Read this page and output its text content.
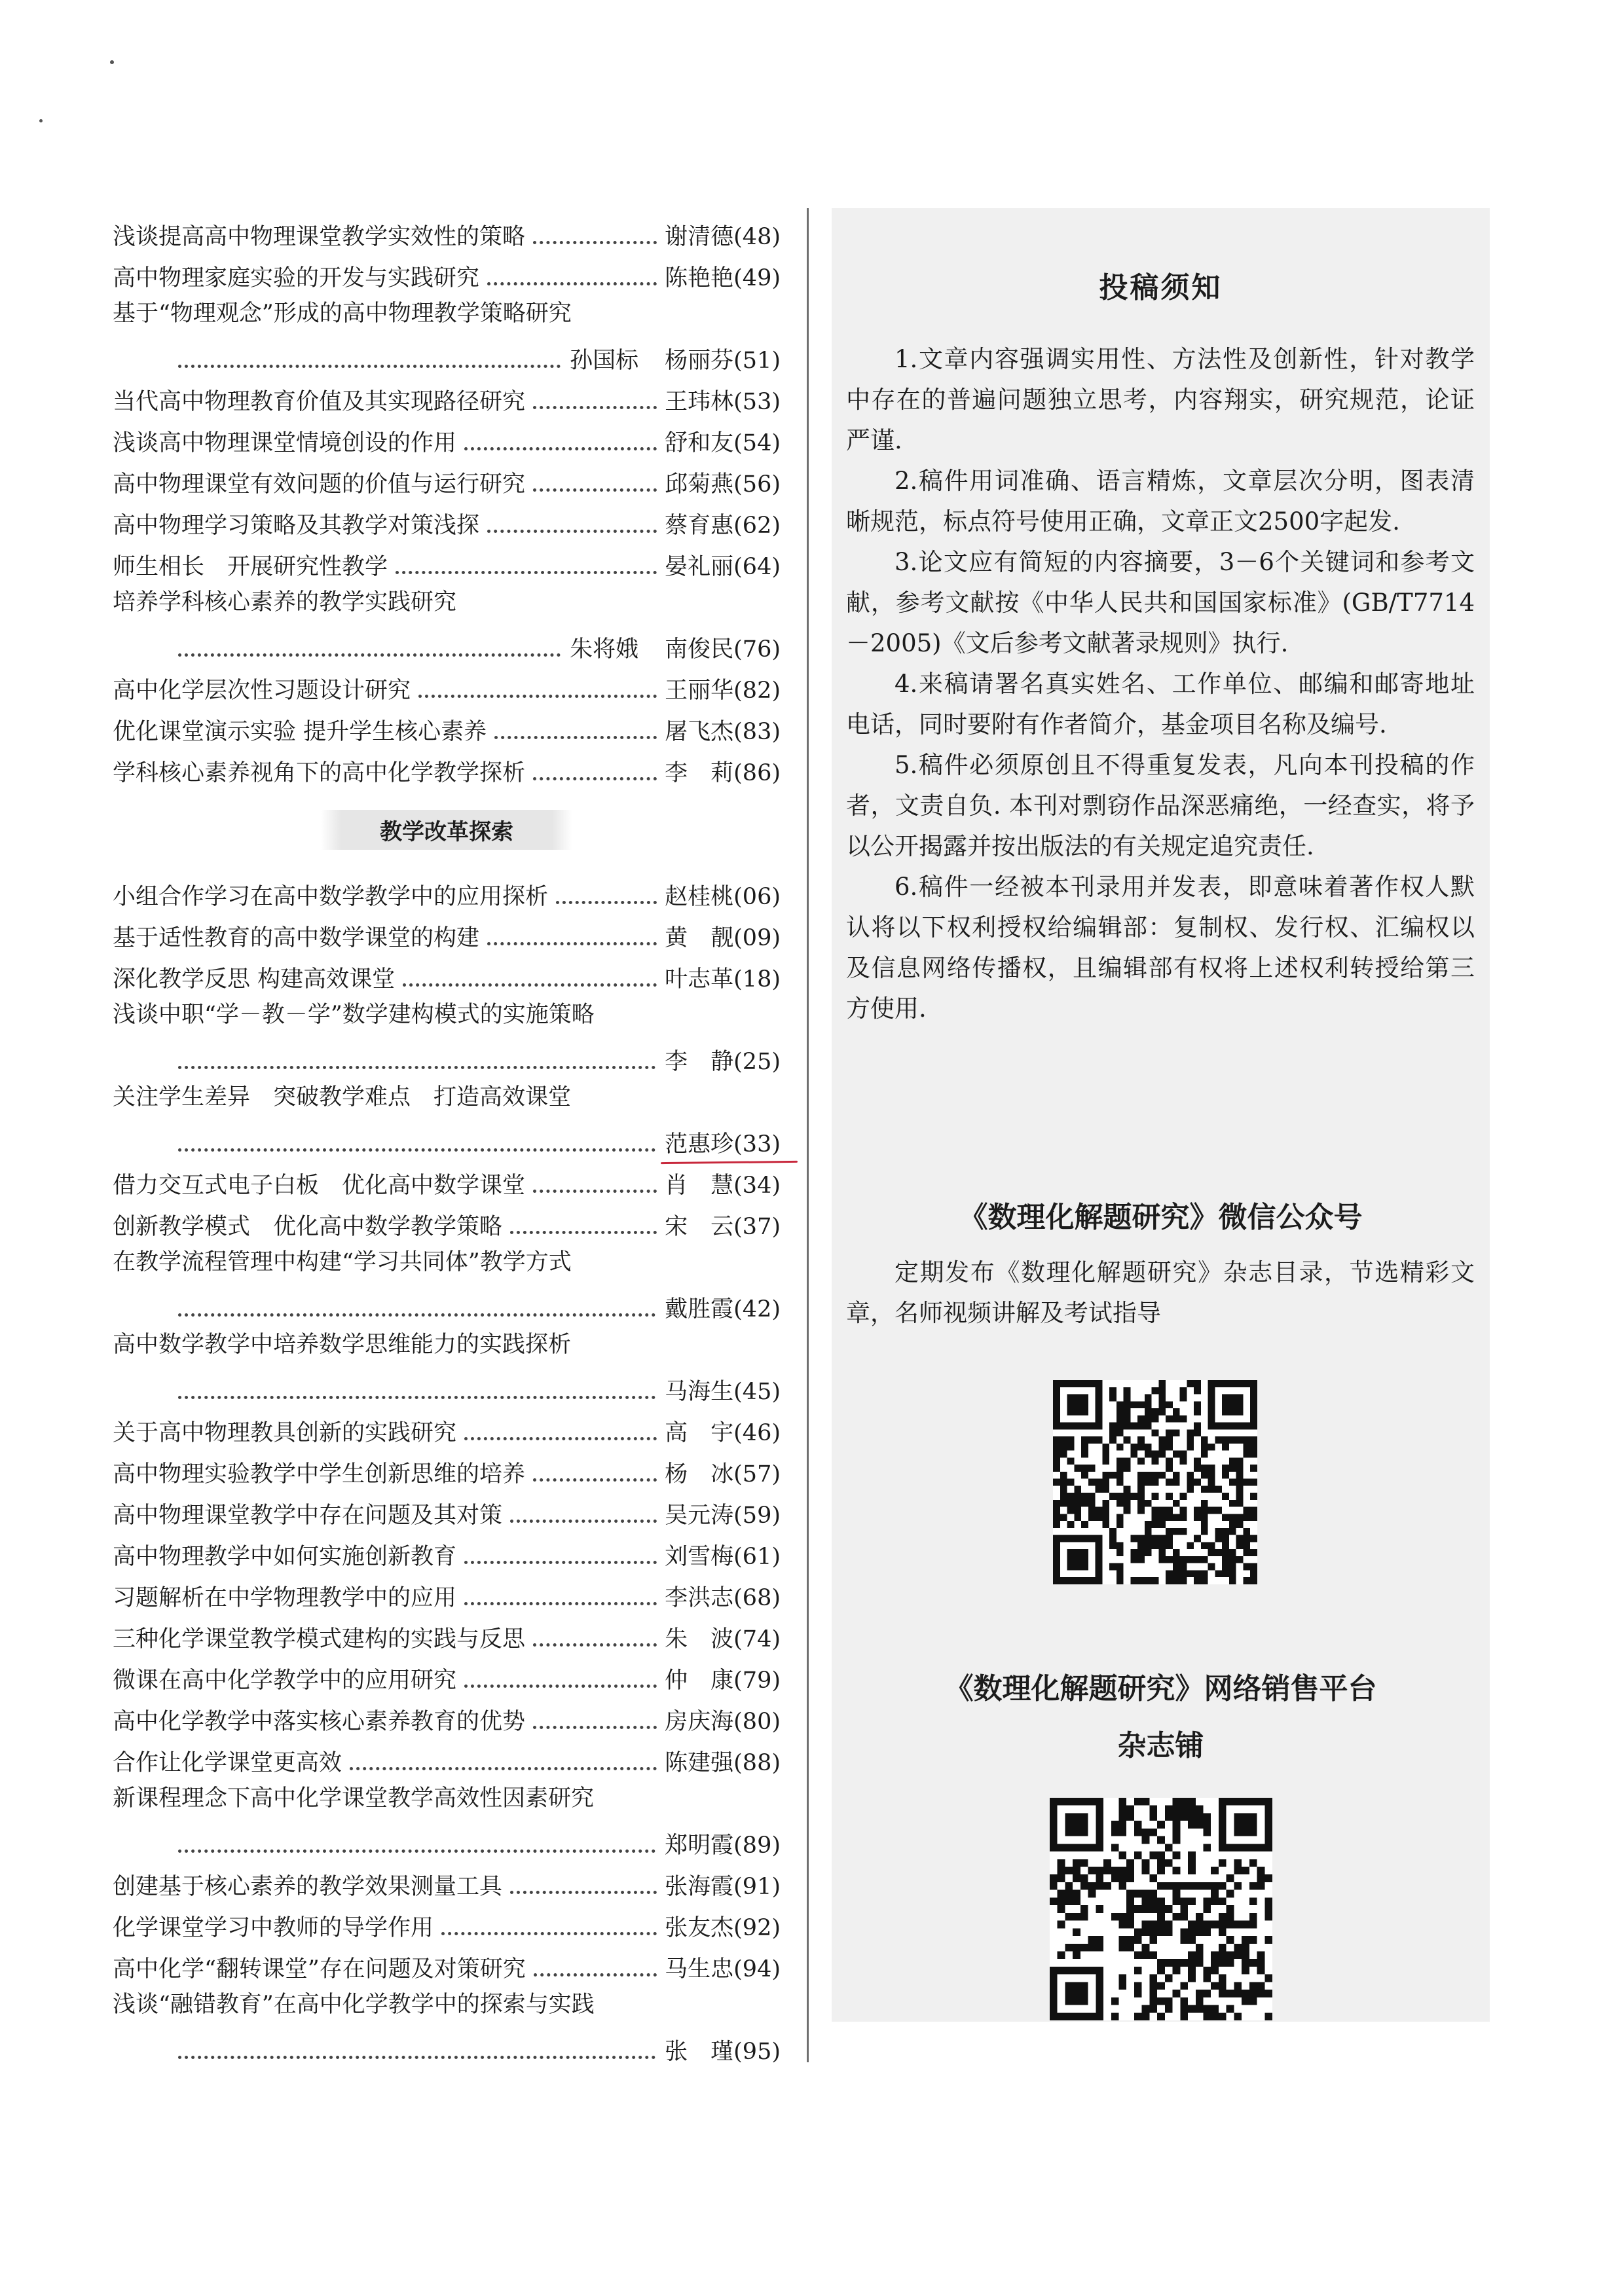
浅谈提高高中物理课堂教学实效性的策略	谢清德(48)
高中物理家庭实验的开发与实践研究	陈艳艳(49)
基于“物理观念”形成的高中物理教学策略研究
孙国标 杨丽芬(51)
当代高中物理教育价值及其实现路径研究	王玮林(53)
浅谈高中物理课堂情境创设的作用	舒和友(54)
高中物理课堂有效问题的价值与运行研究	邱菊燕(56)
高中物理学习策略及其教学对策浅探	蔡育惠(62)
师生相长　开展研究性教学	晏礼丽(64)
培养学科核心素养的教学实践研究
朱将娥 南俊民(76)
高中化学层次性习题设计研究	王丽华(82)
优化课堂演示实验 提升学生核心素养	屠飞杰(83)
学科核心素养视角下的高中化学教学探析	李　莉(86)
教学改革探索
小组合作学习在高中数学教学中的应用探析	赵桂桃(06)
基于适性教育的高中数学课堂的构建	黄　靓(09)
深化教学反思 构建高效课堂	叶志革(18)
浅谈中职“学－教－学”数学建构模式的实施策略
李　静(25)
关注学生差异　突破教学难点　打造高效课堂
范惠珍(33)
借力交互式电子白板　优化高中数学课堂	肖　慧(34)
创新教学模式　优化高中数学教学策略	宋　云(37)
在教学流程管理中构建“学习共同体”教学方式
戴胜霞(42)
高中数学教学中培养数学思维能力的实践探析
马海生(45)
关于高中物理教具创新的实践研究	高　宇(46)
高中物理实验教学中学生创新思维的培养	杨　冰(57)
高中物理课堂教学中存在问题及其对策	吴元涛(59)
高中物理教学中如何实施创新教育	刘雪梅(61)
习题解析在中学物理教学中的应用	李洪志(68)
三种化学课堂教学模式建构的实践与反思	朱　波(74)
微课在高中化学教学中的应用研究	仲　康(79)
高中化学教学中落实核心素养教育的优势	房庆海(80)
合作让化学课堂更高效	陈建强(88)
新课程理念下高中化学课堂教学高效性因素研究
郑明霞(89)
创建基于核心素养的教学效果测量工具	张海霞(91)
化学课堂学习中教师的导学作用	张友杰(92)
高中化学“翻转课堂”存在问题及对策研究	马生忠(94)
浅谈“融错教育”在高中化学教学中的探索与实践
张　瑾(95)
投稿须知

1.文章内容强调实用性、方法性及创新性，针对教学中存在的普遍问题独立思考，内容翔实，研究规范，论证严谨.

2.稿件用词准确、语言精炼，文章层次分明，图表清晰规范，标点符号使用正确，文章正文2500字起发.

3.论文应有简短的内容摘要，3－6个关键词和参考文献，参考文献按《中华人民共和国国家标准》(GB/T7714－2005)《文后参考文献著录规则》执行.

4.来稿请署名真实姓名、工作单位、邮编和邮寄地址电话，同时要附有作者简介，基金项目名称及编号.

5.稿件必须原创且不得重复发表，凡向本刊投稿的作者，文责自负. 本刊对剽窃作品深恶痛绝，一经查实，将予以公开揭露并按出版法的有关规定追究责任.

6.稿件一经被本刊录用并发表，即意味着著作权人默认将以下权利授权给编辑部：复制权、发行权、汇编权以及信息网络传播权，且编辑部有权将上述权利转授给第三方使用.

《数理化解题研究》微信公众号
定期发布《数理化解题研究》杂志目录，节选精彩文章，名师视频讲解及考试指导
《数理化解题研究》网络销售平台
杂志铺
